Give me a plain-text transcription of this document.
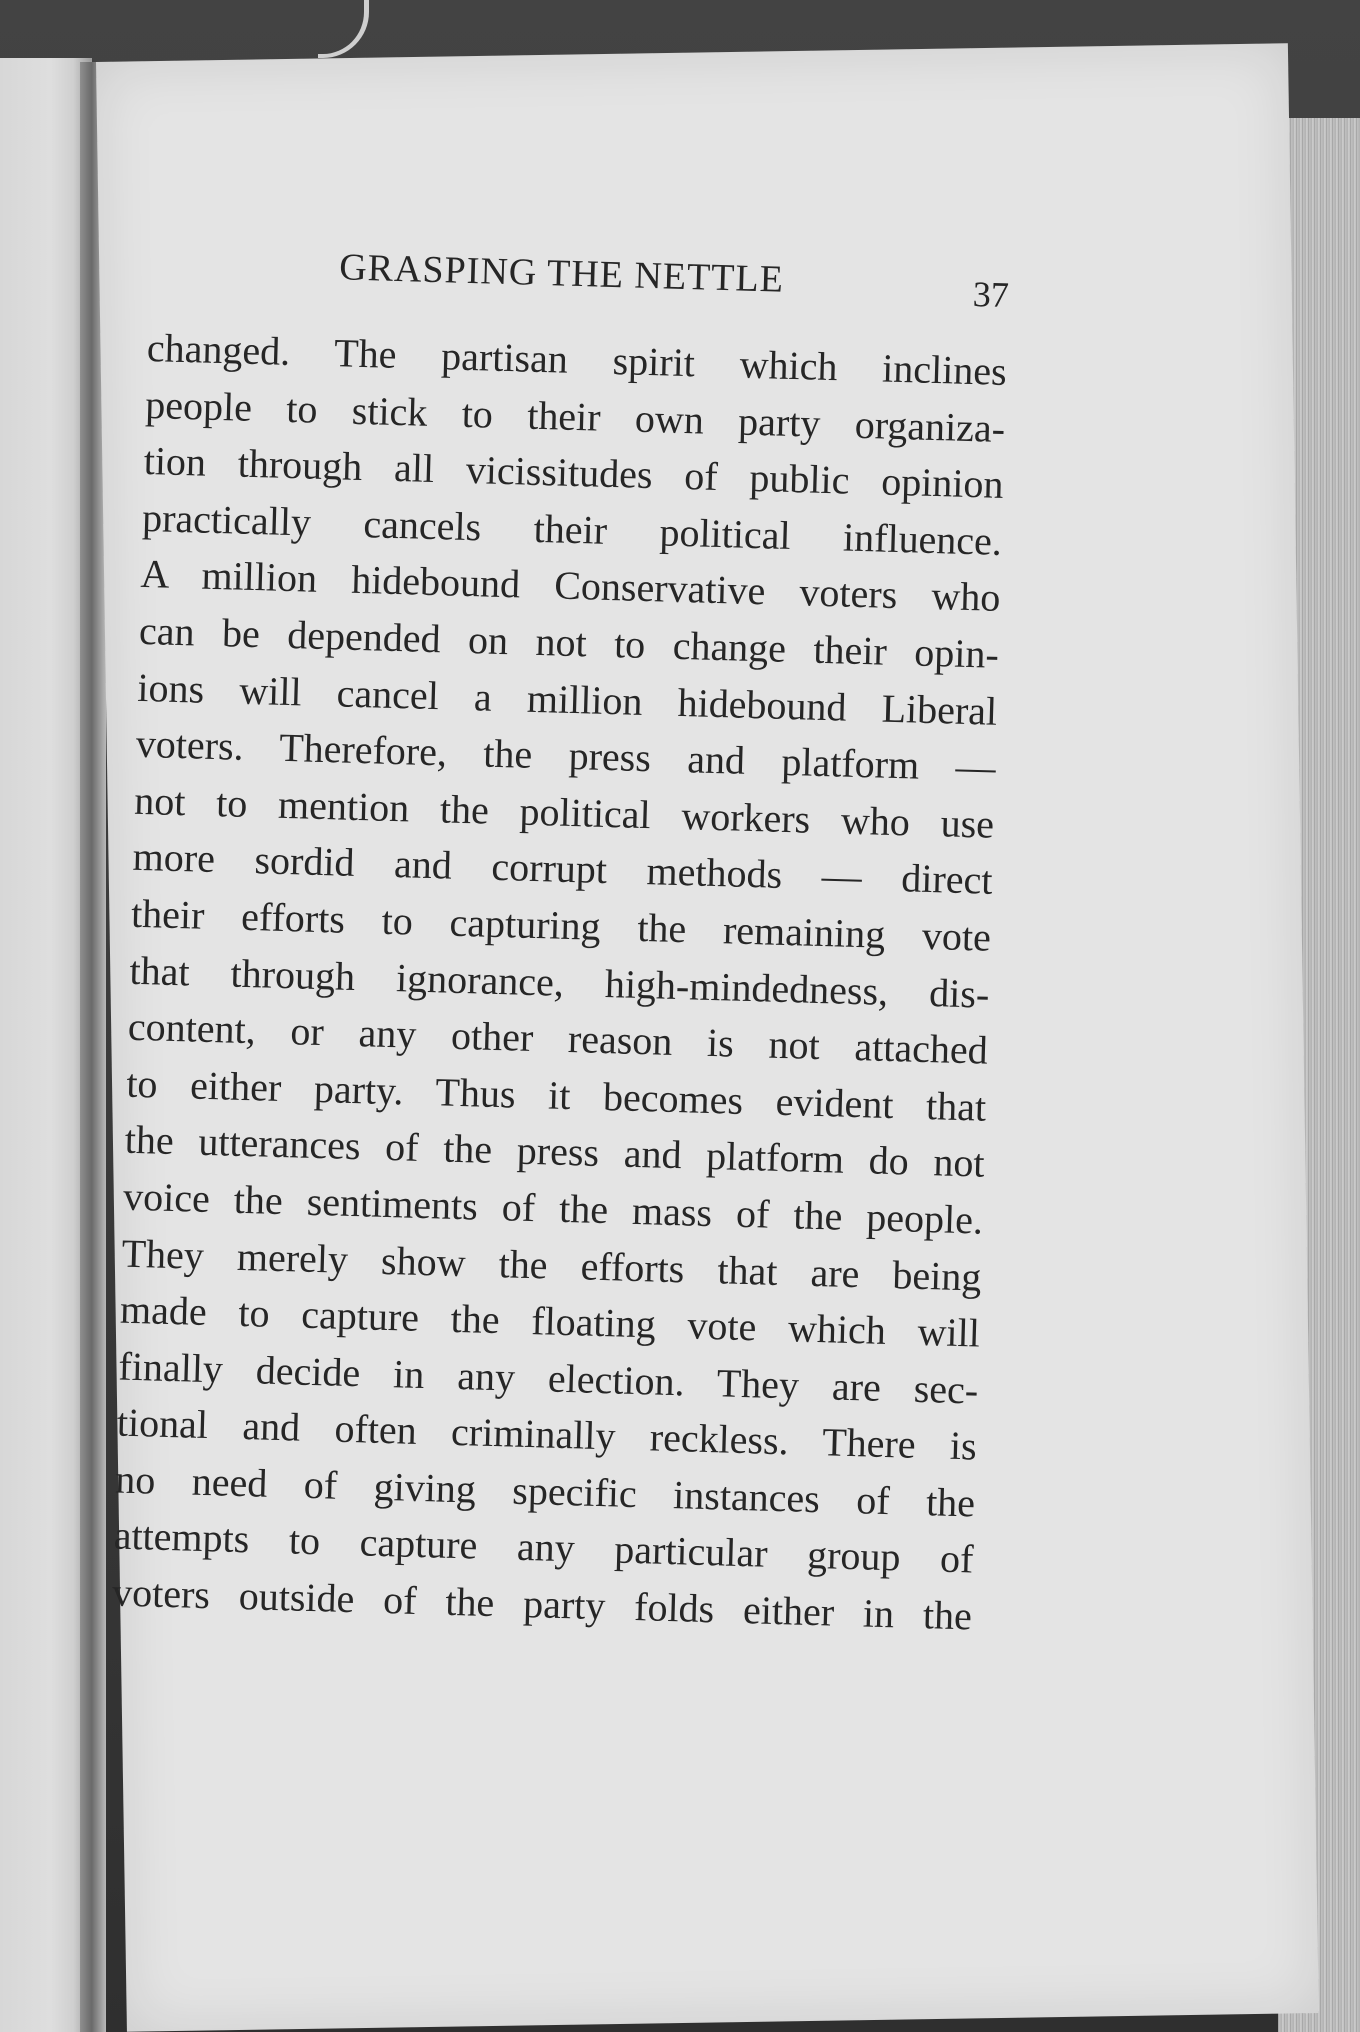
GRASPING THE NETTLE	37
changed. The partisan spirit which inclines
people to stick to their own party organiza-
tion through all vicissitudes of public opinion
practically cancels their political influence.
A million hidebound Conservative voters who
can be depended on not to change their opin-
ions will cancel a million hidebound Liberal
voters. Therefore, the press and platform —
not to mention the political workers who use
more sordid and corrupt methods — direct
their efforts to capturing the remaining vote
that through ignorance, high-mindedness, dis-
content, or any other reason is not attached
to either party. Thus it becomes evident that
the utterances of the press and platform do not
voice the sentiments of the mass of the people.
They merely show the efforts that are being
made to capture the floating vote which will
finally decide in any election. They are sec-
tional and often criminally reckless. There is
no need of giving specific instances of the
attempts to capture any particular group of
voters outside of the party folds either in the
